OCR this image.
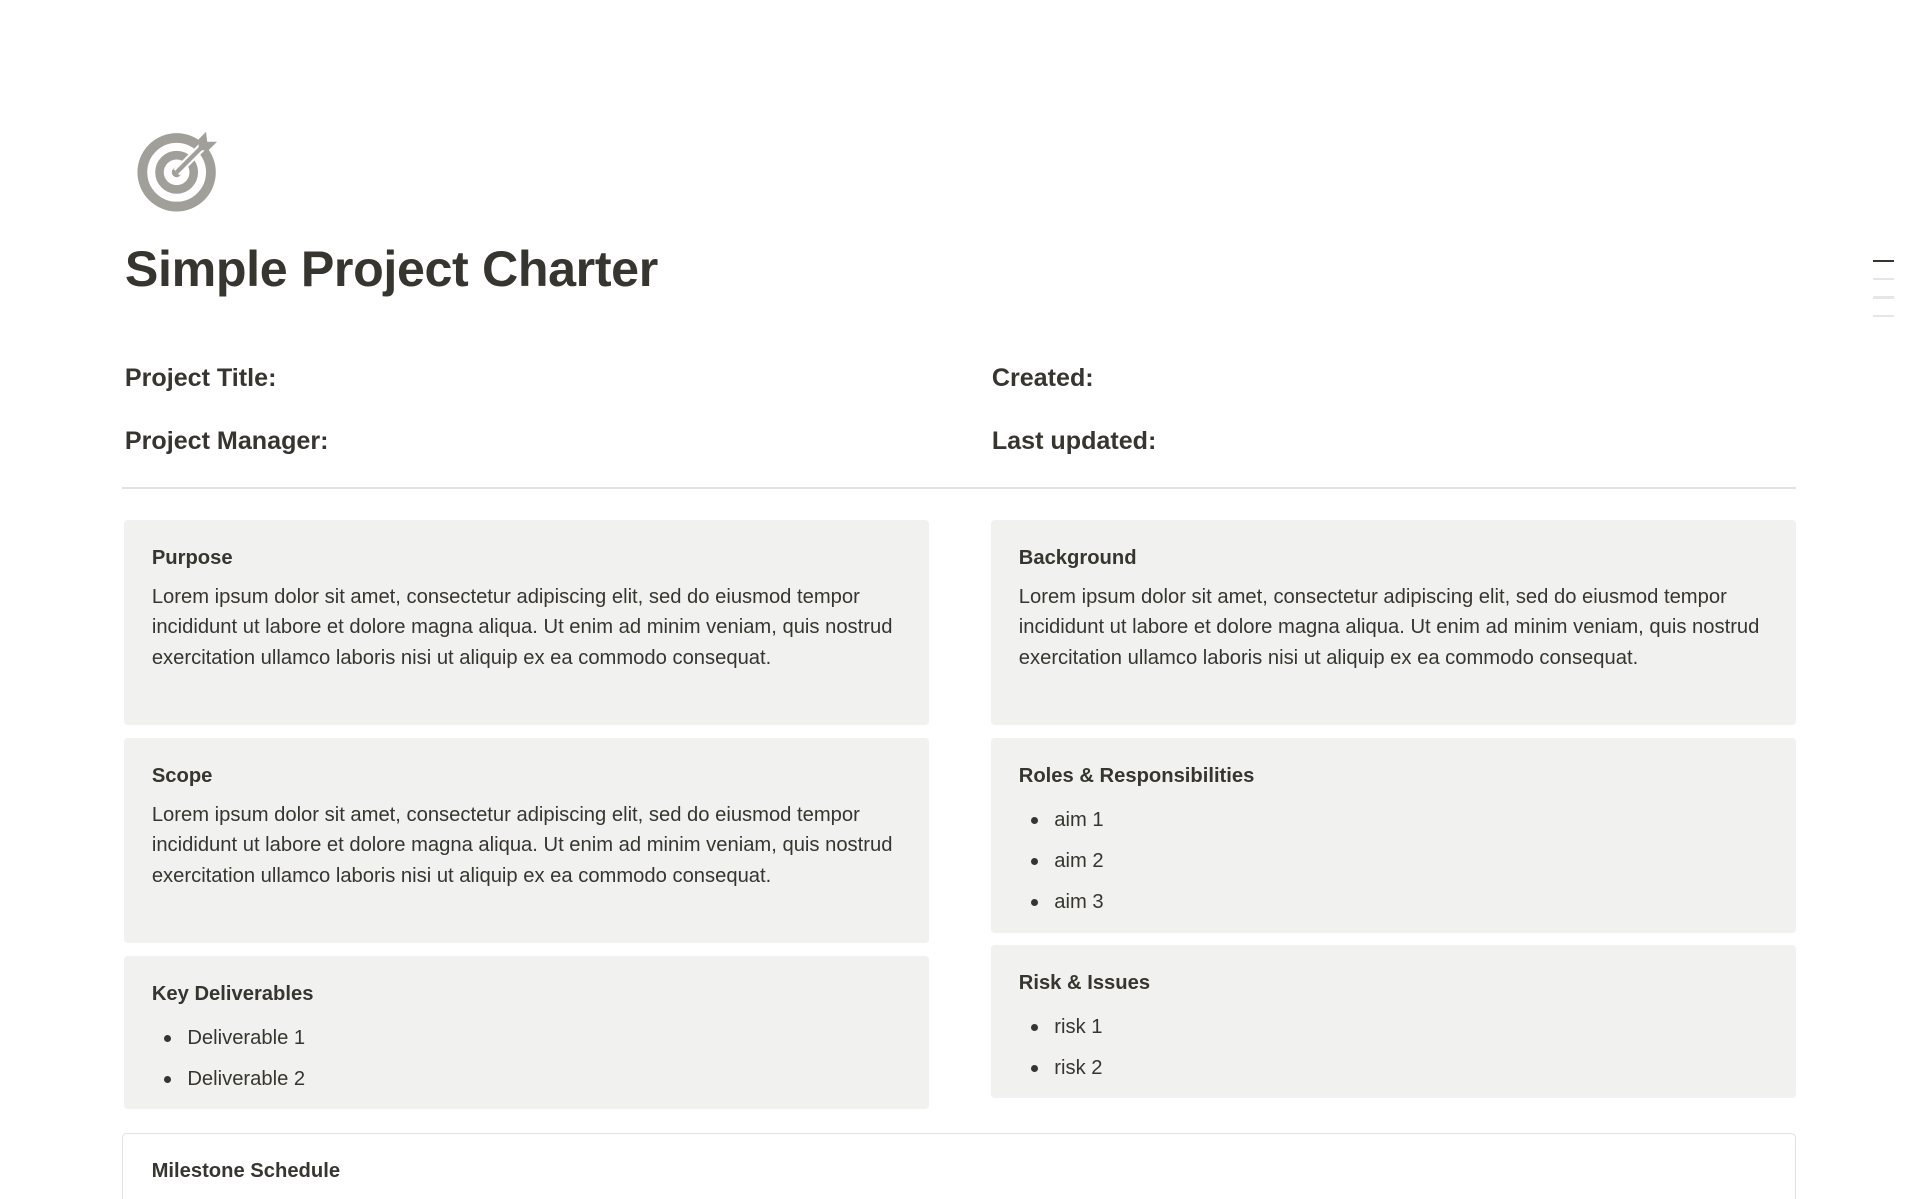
Simple Project Charter
Project Title:
Project Manager:
Created:
Last updated:
Purpose

Lorem ipsum dolor sit amet, consectetur adipiscing elit, sed do eiusmod tempor incididunt ut labore et dolore magna aliqua. Ut enim ad minim veniam, quis nostrud exercitation ullamco laboris nisi ut aliquip ex ea commodo consequat.

Background

Lorem ipsum dolor sit amet, consectetur adipiscing elit, sed do eiusmod tempor incididunt ut labore et dolore magna aliqua. Ut enim ad minim veniam, quis nostrud exercitation ullamco laboris nisi ut aliquip ex ea commodo consequat.

Scope

Lorem ipsum dolor sit amet, consectetur adipiscing elit, sed do eiusmod tempor incididunt ut labore et dolore magna aliqua. Ut enim ad minim veniam, quis nostrud exercitation ullamco laboris nisi ut aliquip ex ea commodo consequat.

Roles & Responsibilities
aim 1
aim 2
aim 3
Key Deliverables
Deliverable 1
Deliverable 2
Risk & Issues
risk 1
risk 2
Milestone Schedule
